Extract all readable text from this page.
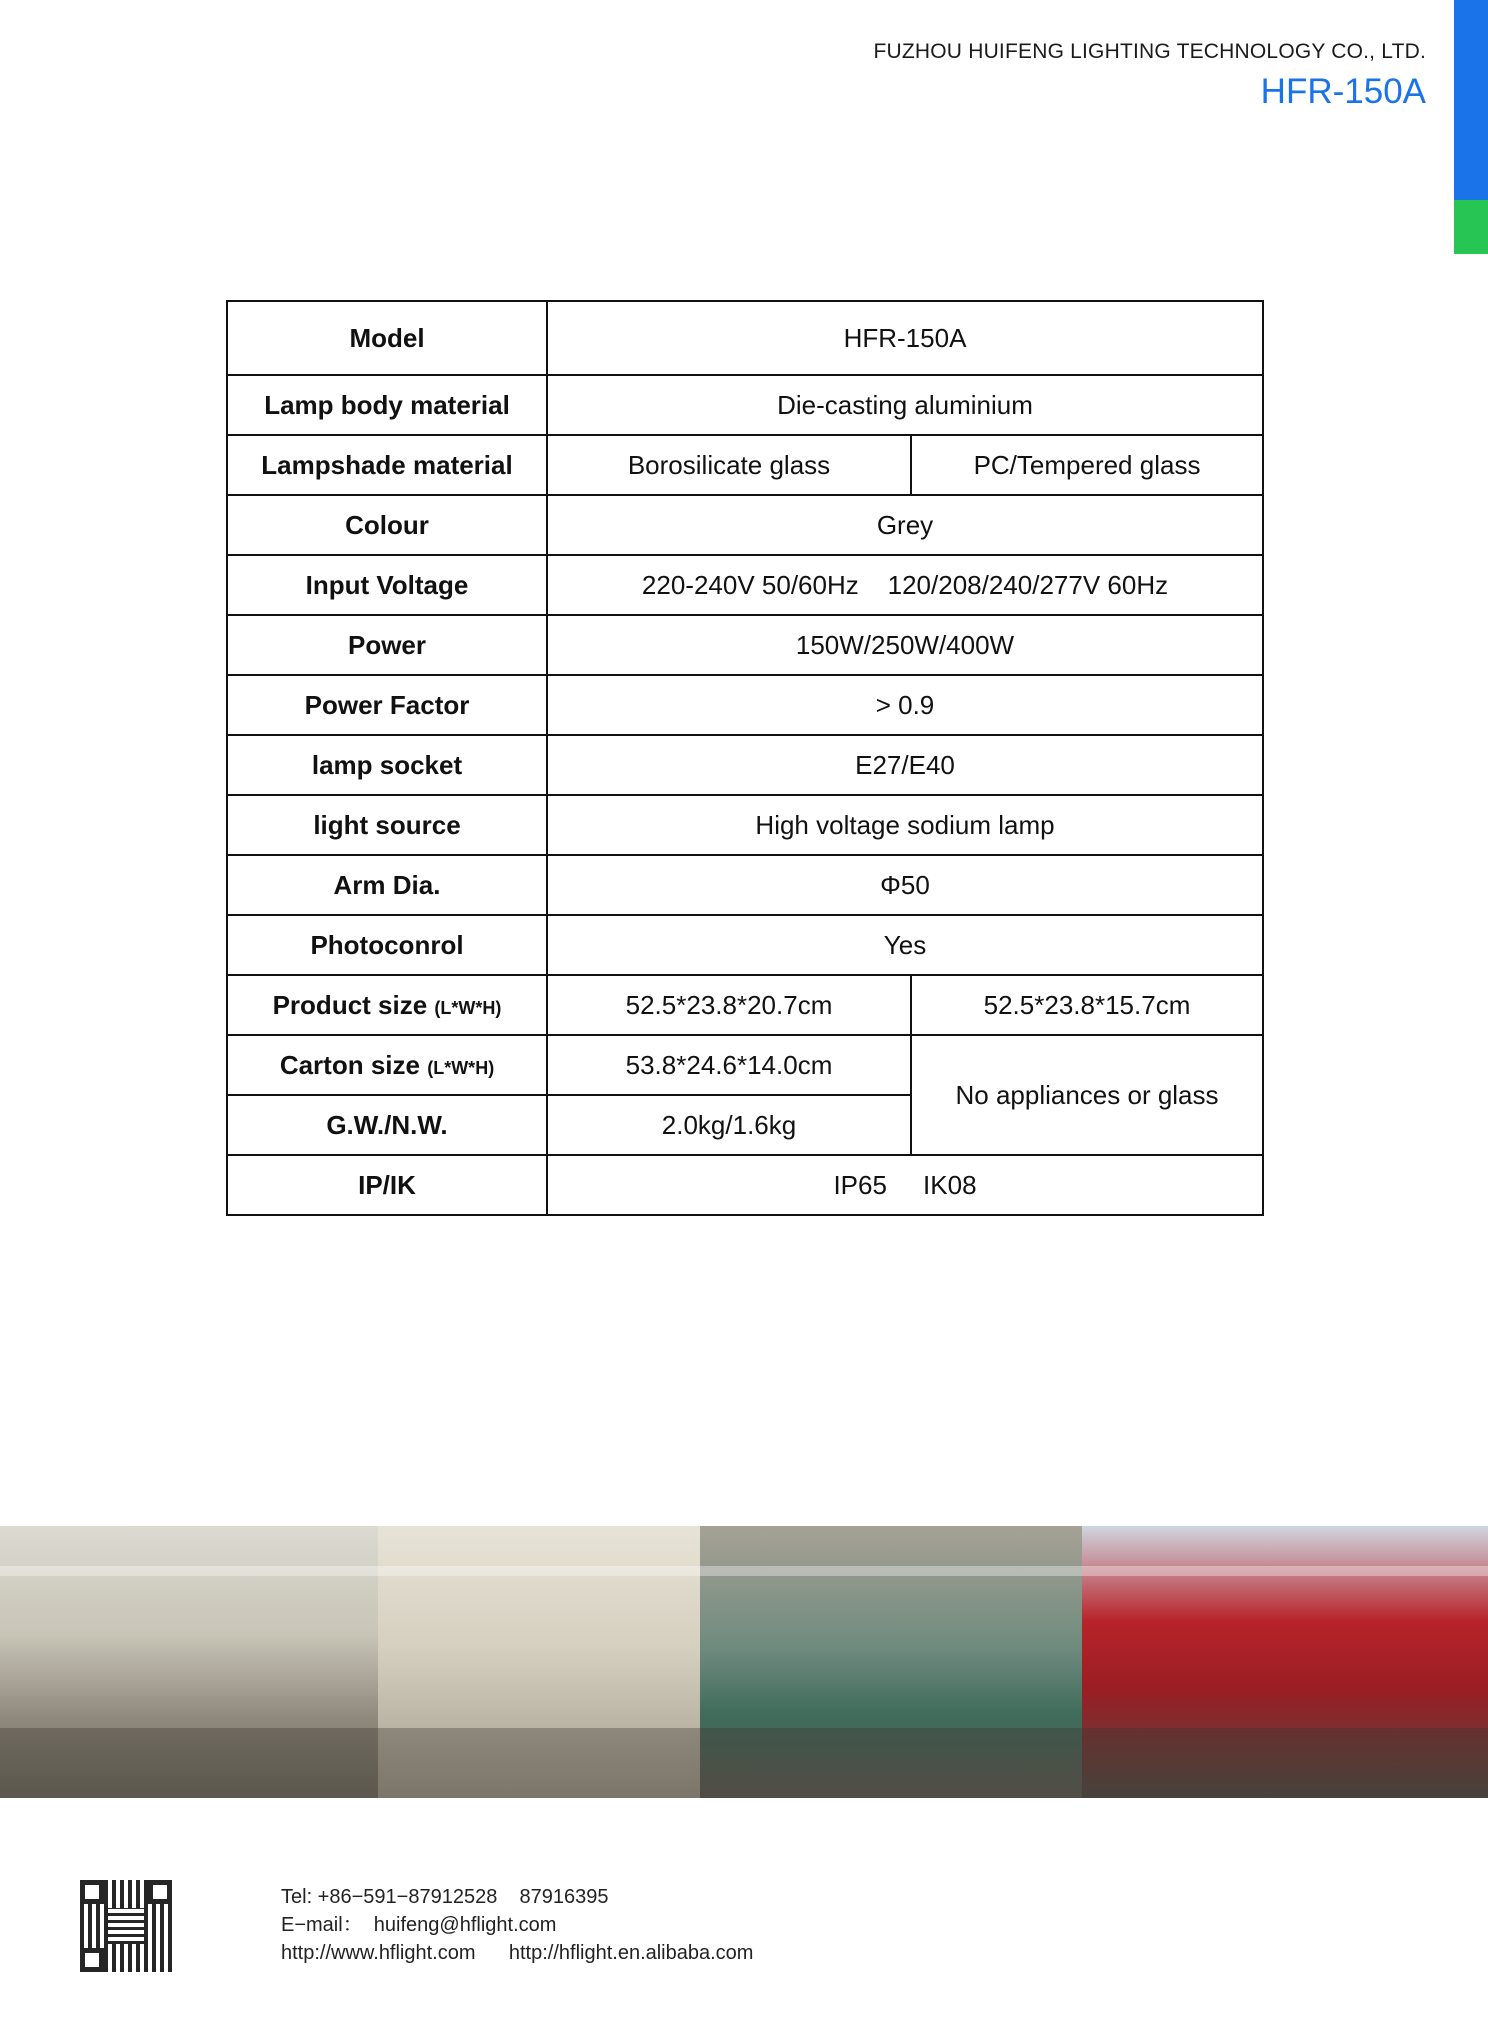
FUZHOU HUIFENG LIGHTING TECHNOLOGY CO., LTD.
HFR-150A
Model	HFR-150A	
Lamp body material	Die-casting aluminium	
Lampshade material	Borosilicate glass	PC/Tempered glass
Colour	Grey	
Input Voltage	220-240V 50/60Hz    120/208/240/277V 60Hz	
Power	150W/250W/400W	
Power Factor	> 0.9	
lamp socket	E27/E40	
light source	High voltage sodium lamp	
Arm Dia.	Φ50	
Photoconrol	Yes	
Product size (L*W*H)	52.5*23.8*20.7cm	52.5*23.8*15.7cm
Carton size (L*W*H)	53.8*24.6*14.0cm	No appliances or glass
G.W./N.W.	2.0kg/1.6kg	
IP/IK	IP65     IK08	
Tel: +86−591−87912528    87916395
E−mail：  huifeng@hflight.com
http://www.hflight.com      http://hflight.en.alibaba.com
